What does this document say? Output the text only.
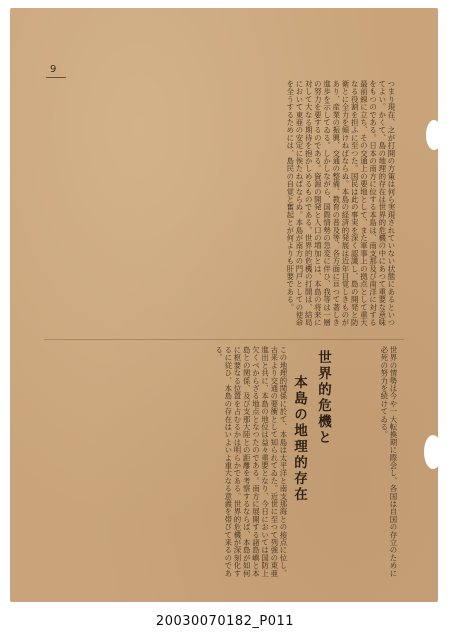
9
つまり現在、之が打開の方策は何ら実現されていない状態にあるといつてよい。かくて、島の地理的存在は世界的危機の中にあつて重要な意味をもつのである。日本の南方に位する本島は、南支那及び南洋に対する最前線に立ち、その交通上の要地として、また軍事上の拠点として重大なる役割を担ふに至つた。国民は此の事実を深く認識し、島の開発と防衛とに全力を傾けねばならぬ。本島の経済的発展は近年目覚しきものがあり、産業の振興、交通の整備、教育の普及等、各方面に亘つて著しき進歩を示してゐる。しかしながら、国際情勢の急変に伴ひ、我等は一層の努力を要するのである。資源の開発と人口の増加とは、本島の将来に対して大なる期待を抱かしめるものである。世界的危機の打開は、結局において東亜の安定に俟たねばならぬ。本島が南方の門戸としての使命を全うするためには、島民の自覚と奮起とが何よりも肝要である。
世界の情勢は今や一大転換期に際会し、各国は自国の存立のために必死の努力を続けてゐる。
世界的危機と
本島の地理的存在
この地理的関係に於て、本島は太平洋と南支那海との接点に位し、古来より交通の要衝として知られてゐた。近世に至つて列強の東亜進出と共に、本島の地位は益々重要となり、今日においては国防上欠くべからざる地点となつたのである。南方に展開する諸島嶼と本島との関係、及び支那大陸との距離を考察するならば、本島が如何に枢要なる位置を占むるかは明らかである。世界的危機が深刻化するに従ひ、本島の存在はいよいよ重大なる意義を帯びて来るのである。
20030070182_P011
